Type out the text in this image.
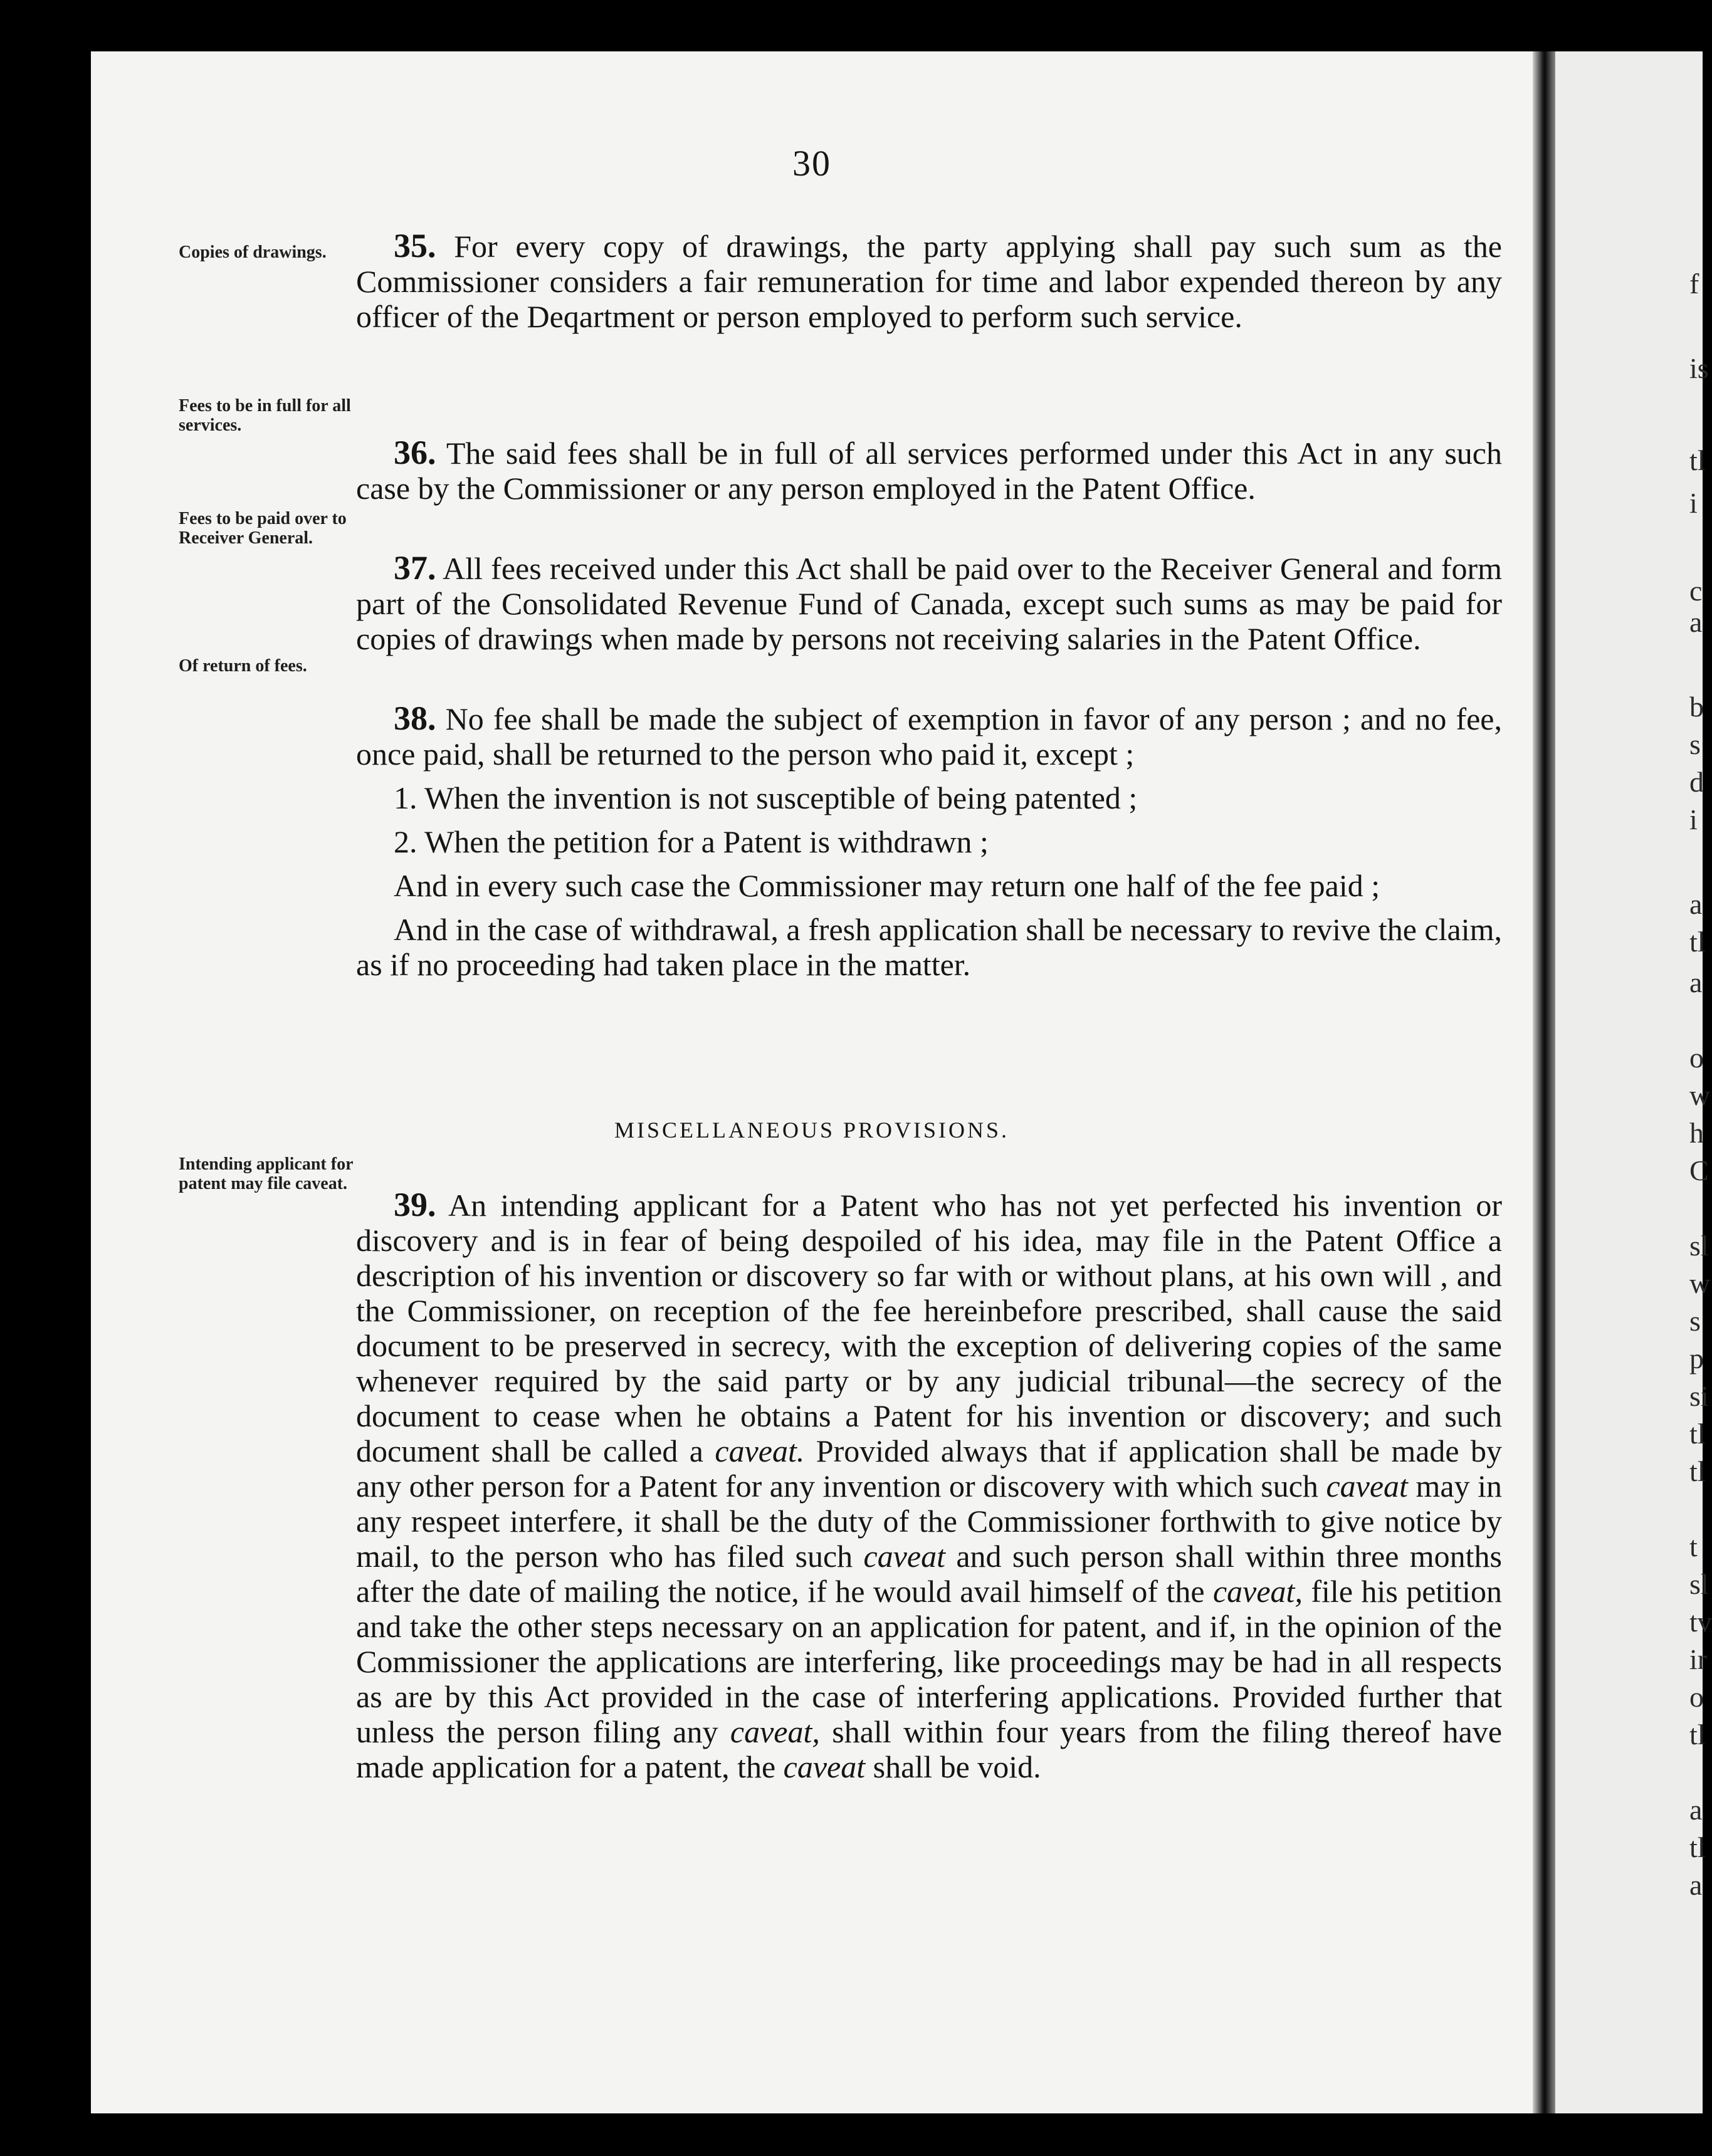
30
Copies of drawings.
Fees to be in full for all services.
Fees to be paid over to Receiver General.
Of return of fees.
Intending applicant for patent may file caveat.

35. For every copy of drawings, the party applying shall pay such sum as the Commissioner considers a fair remuneration for time and labor expended thereon by any officer of the Deqartment or person employed to perform such service.

36. The said fees shall be in full of all services performed under this Act in any such case by the Commissioner or any person employed in the Patent Office.

37. All fees received under this Act shall be paid over to the Receiver General and form part of the Consolidated Revenue Fund of Canada, except such sums as may be paid for copies of drawings when made by persons not receiving salaries in the Patent Office.

38. No fee shall be made the subject of exemption in favor of any person ; and no fee, once paid, shall be returned to the person who paid it, except ;

1. When the invention is not susceptible of being patented ;

2. When the petition for a Patent is withdrawn ;

And in every such case the Commissioner may return one half of the fee paid ;

And in the case of withdrawal, a fresh application shall be necessary to revive the claim, as if no proceeding had taken place in the matter.

MISCELLANEOUS PROVISIONS.

39. An intending applicant for a Patent who has not yet perfected his invention or discovery and is in fear of being despoiled of his idea, may file in the Patent Office a description of his invention or discovery so far with or without plans, at his own will , and the Commissioner, on reception of the fee hereinbefore prescribed, shall cause the said document to be preserved in secrecy, with the exception of delivering copies of the same whenever required by the said party or by any judicial tribunal—the secrecy of the document to cease when he obtains a Patent for his invention or discovery; and such document shall be called a caveat. Provided always that if application shall be made by any other person for a Patent for any invention or discovery with which such caveat may in any respeet interfere, it shall be the duty of the Commissioner forthwith to give notice by mail, to the person who has filed such caveat and such person shall within three months after the date of mailing the notice, if he would avail himself of the caveat, file his petition and take the other steps necessary on an application for patent, and if, in the opinion of the Commissioner the applications are interfering, like proceedings may be had in all respects as are by this Act provided in the case of interfering applications. Provided further that unless the person filing any caveat, shall within four years from the filing thereof have made application for a patent, the caveat shall be void.

f
is
tl
i
c
a
b
s
d
i
a
tl
a
o
w
h
C
sl
w
s
p
si
tl
tl
t
sl
tv
ir
o
tl
a
tl
a
